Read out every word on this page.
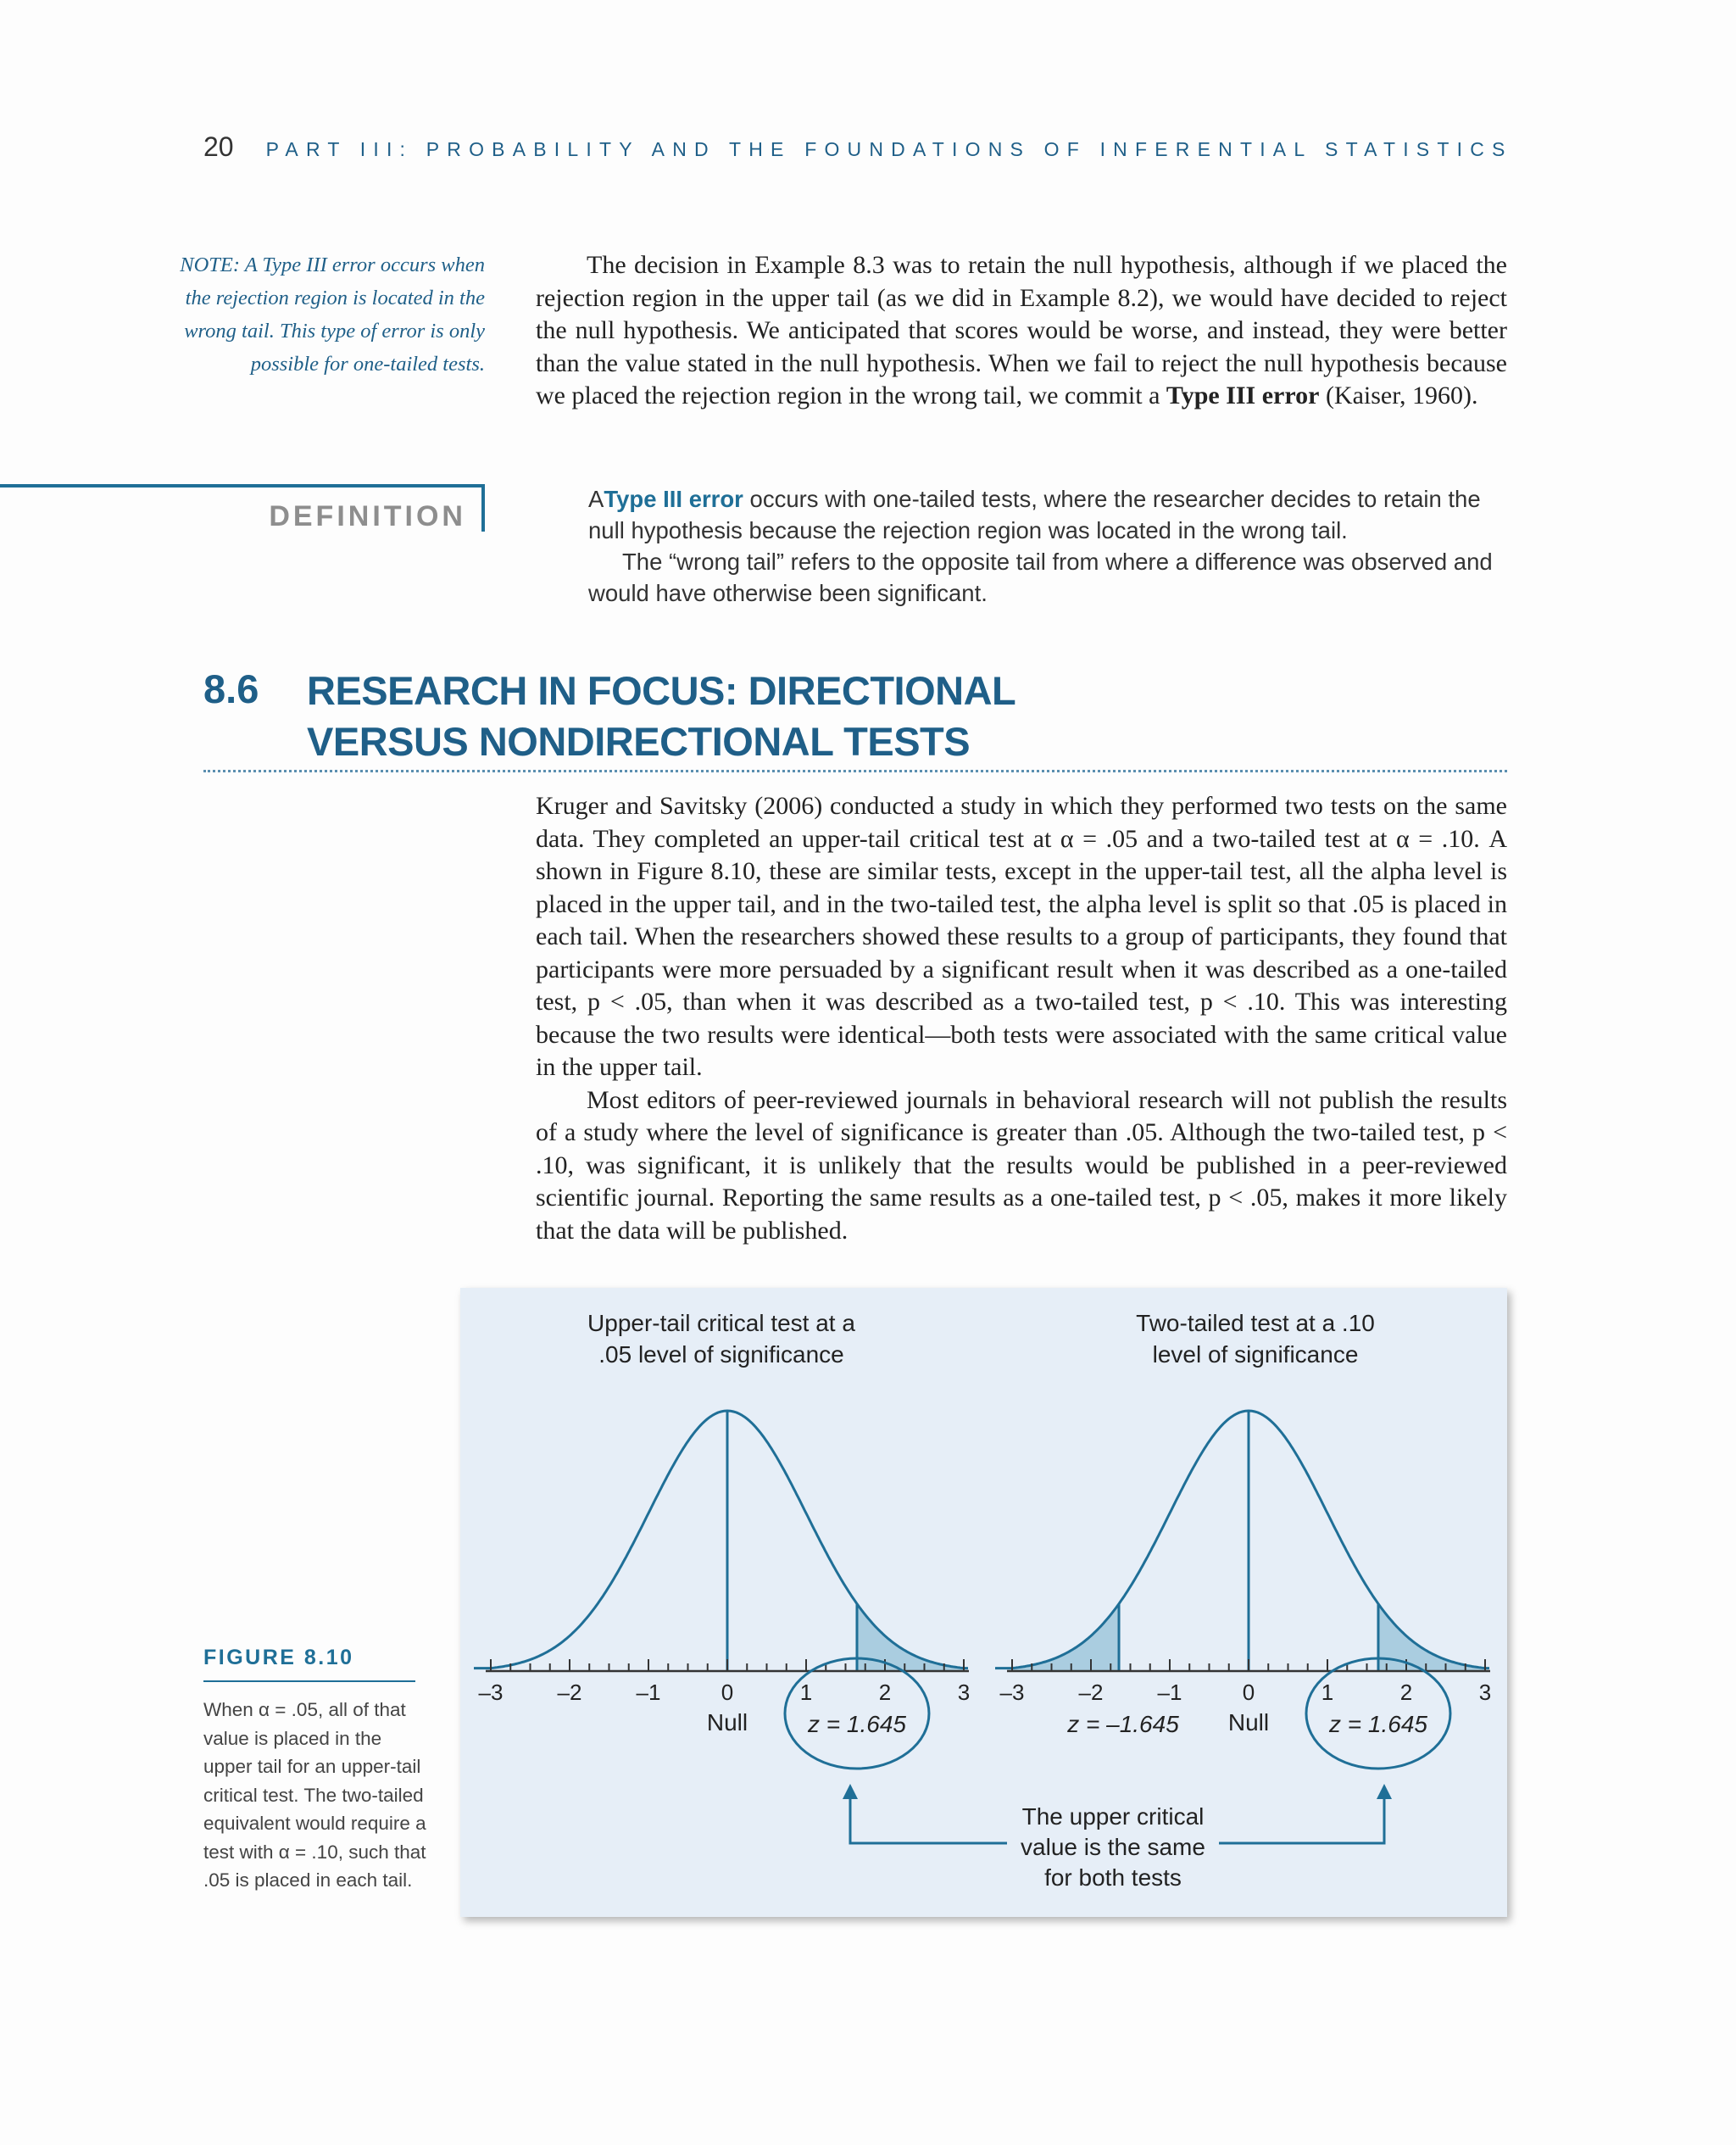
20 PART III: PROBABILITY AND THE FOUNDATIONS OF INFERENTIAL STATISTICS
NOTE: A Type III error occurs when the rejection region is located in the wrong tail. This type of error is only possible for one-tailed tests.

The decision in Example 8.3 was to retain the null hypothesis, although if we placed the rejection region in the upper tail (as we did in Example 8.2), we would have decided to reject the null hypothesis. We anticipated that scores would be worse, and instead, they were better than the value stated in the null hypothesis. When we fail to reject the null hypothesis because we placed the rejection region in the wrong tail, we commit a Type III error (Kaiser, 1960).

DEFINITION

AType III error occurs with one-tailed tests, where the researcher decides to retain the null hypothesis because the rejection region was located in the wrong tail.

The “wrong tail” refers to the opposite tail from where a difference was observed and would have otherwise been significant.

8.6 RESEARCH IN FOCUS: DIRECTIONAL
VERSUS NONDIRECTIONAL TESTS

Kruger and Savitsky (2006) conducted a study in which they performed two tests on the same data. They completed an upper-tail critical test at α = .05 and a two-tailed test at α = .10. A shown in Figure 8.10, these are similar tests, except in the upper-tail test, all the alpha level is placed in the upper tail, and in the two-tailed test, the alpha level is split so that .05 is placed in each tail. When the researchers showed these results to a group of participants, they found that participants were more persuaded by a significant result when it was described as a one-tailed test, p < .05, than when it was described as a two-tailed test, p < .10. This was interesting because the two results were identical—both tests were associated with the same critical value in the upper tail.

Most editors of peer-reviewed journals in behavioral research will not publish the results of a study where the level of significance is greater than .05. Although the two-tailed test, p < .10, was significant, it is unlikely that the results would be published in a peer-reviewed scientific journal. Reporting the same results as a one-tailed test, p < .05, makes it more likely that the data will be published.

FIGURE 8.10
When α = .05, all of that value is placed in the upper tail for an upper-tail critical test. The two-tailed equivalent would require a test with α = .10, such that .05 is placed in each tail.
Upper-tail critical test at a
.05 level of significance
–3 –2 –1	0	1	2	3
Null	z = 1.645
Two-tailed test at a .10
level of significance
–3 –2 –1	0	1	2	3
Null
z = –1.645	z = 1.645
The upper critical
value is the same
for both tests
